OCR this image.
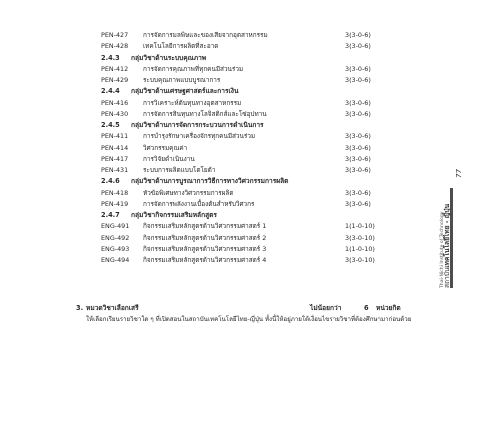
PEN-427 การจัดการมลพิษและของเสียจากอุตสาหกรรม	3(3-0-6)
PEN-428 เทคโนโลยีการผลิตที่สะอาด	3(3-0-6)
2.4.3 กลุ่มวิชาด้านระบบคุณภาพ
PEN-412 การจัดการคุณภาพที่ทุกคนมีส่วนร่วม	3(3-0-6)
PEN-429 ระบบคุณภาพแบบบูรณาการ	3(3-0-6)
2.4.4 กลุ่มวิชาด้านเศรษฐศาสตร์และการเงิน
PEN-416 การวิเคราะห์ต้นทุนทางอุตสาหกรรม	3(3-0-6)
PEN-430 การจัดการสินทุนทางโลจิสติกส์และโซ่อุปทาน	3(3-0-6)
2.4.5 กลุ่มวิชาด้านการจัดการกระบวนการดำเนินการ
PEN-411 การบำรุงรักษาเครื่องจักรทุกคนมีส่วนร่วม	3(3-0-6)
PEN-414 วิศวกรรมคุณค่า	3(3-0-6)
PEN-417 การวิจัยดำเนินงาน	3(3-0-6)
PEN-431 ระบบการผลิตแบบโตโยต้า	3(3-0-6)
2.4.6 กลุ่มวิชาด้านการบูรณาการวิธีการทางวิศวกรรมการผลิต
PEN-418 หัวข้อพิเศษทางวิศวกรรมการผลิต	3(3-0-6)
PEN-419 การจัดการพลังงานเบื้องต้นสำหรับวิศวกร	3(3-0-6)
2.4.7 กลุ่มวิชากิจกรรมเสริมหลักสูตร
ENG-491 กิจกรรมเสริมหลักสูตรด้านวิศวกรรมศาสตร์ 1	1(1-0-10)
ENG-492 กิจกรรมเสริมหลักสูตรด้านวิศวกรรมศาสตร์ 2	3(3-0-10)
ENG-493 กิจกรรมเสริมหลักสูตรด้านวิศวกรรมศาสตร์ 3	1(1-0-10)
ENG-494 กิจกรรมเสริมหลักสูตรด้านวิศวกรรมศาสตร์ 4	3(3-0-10)
3. หมวดวิชาเลือกเสรี	ไม่น้อยกว่า	6 หน่วยกิต
ให้เลือกเรียนรายวิชาใด ๆ ที่เปิดสอนในสถาบันเทคโนโลยีไทย-ญี่ปุ่น ทั้งนี้ให้อยู่ภายใต้เงื่อนไขรายวิชาที่ต้องศึกษามาก่อนด้วย
สถาบันเทคโนโลยีไทย - ญี่ปุ่น
Thai-Nichi Institute of Technology
77
